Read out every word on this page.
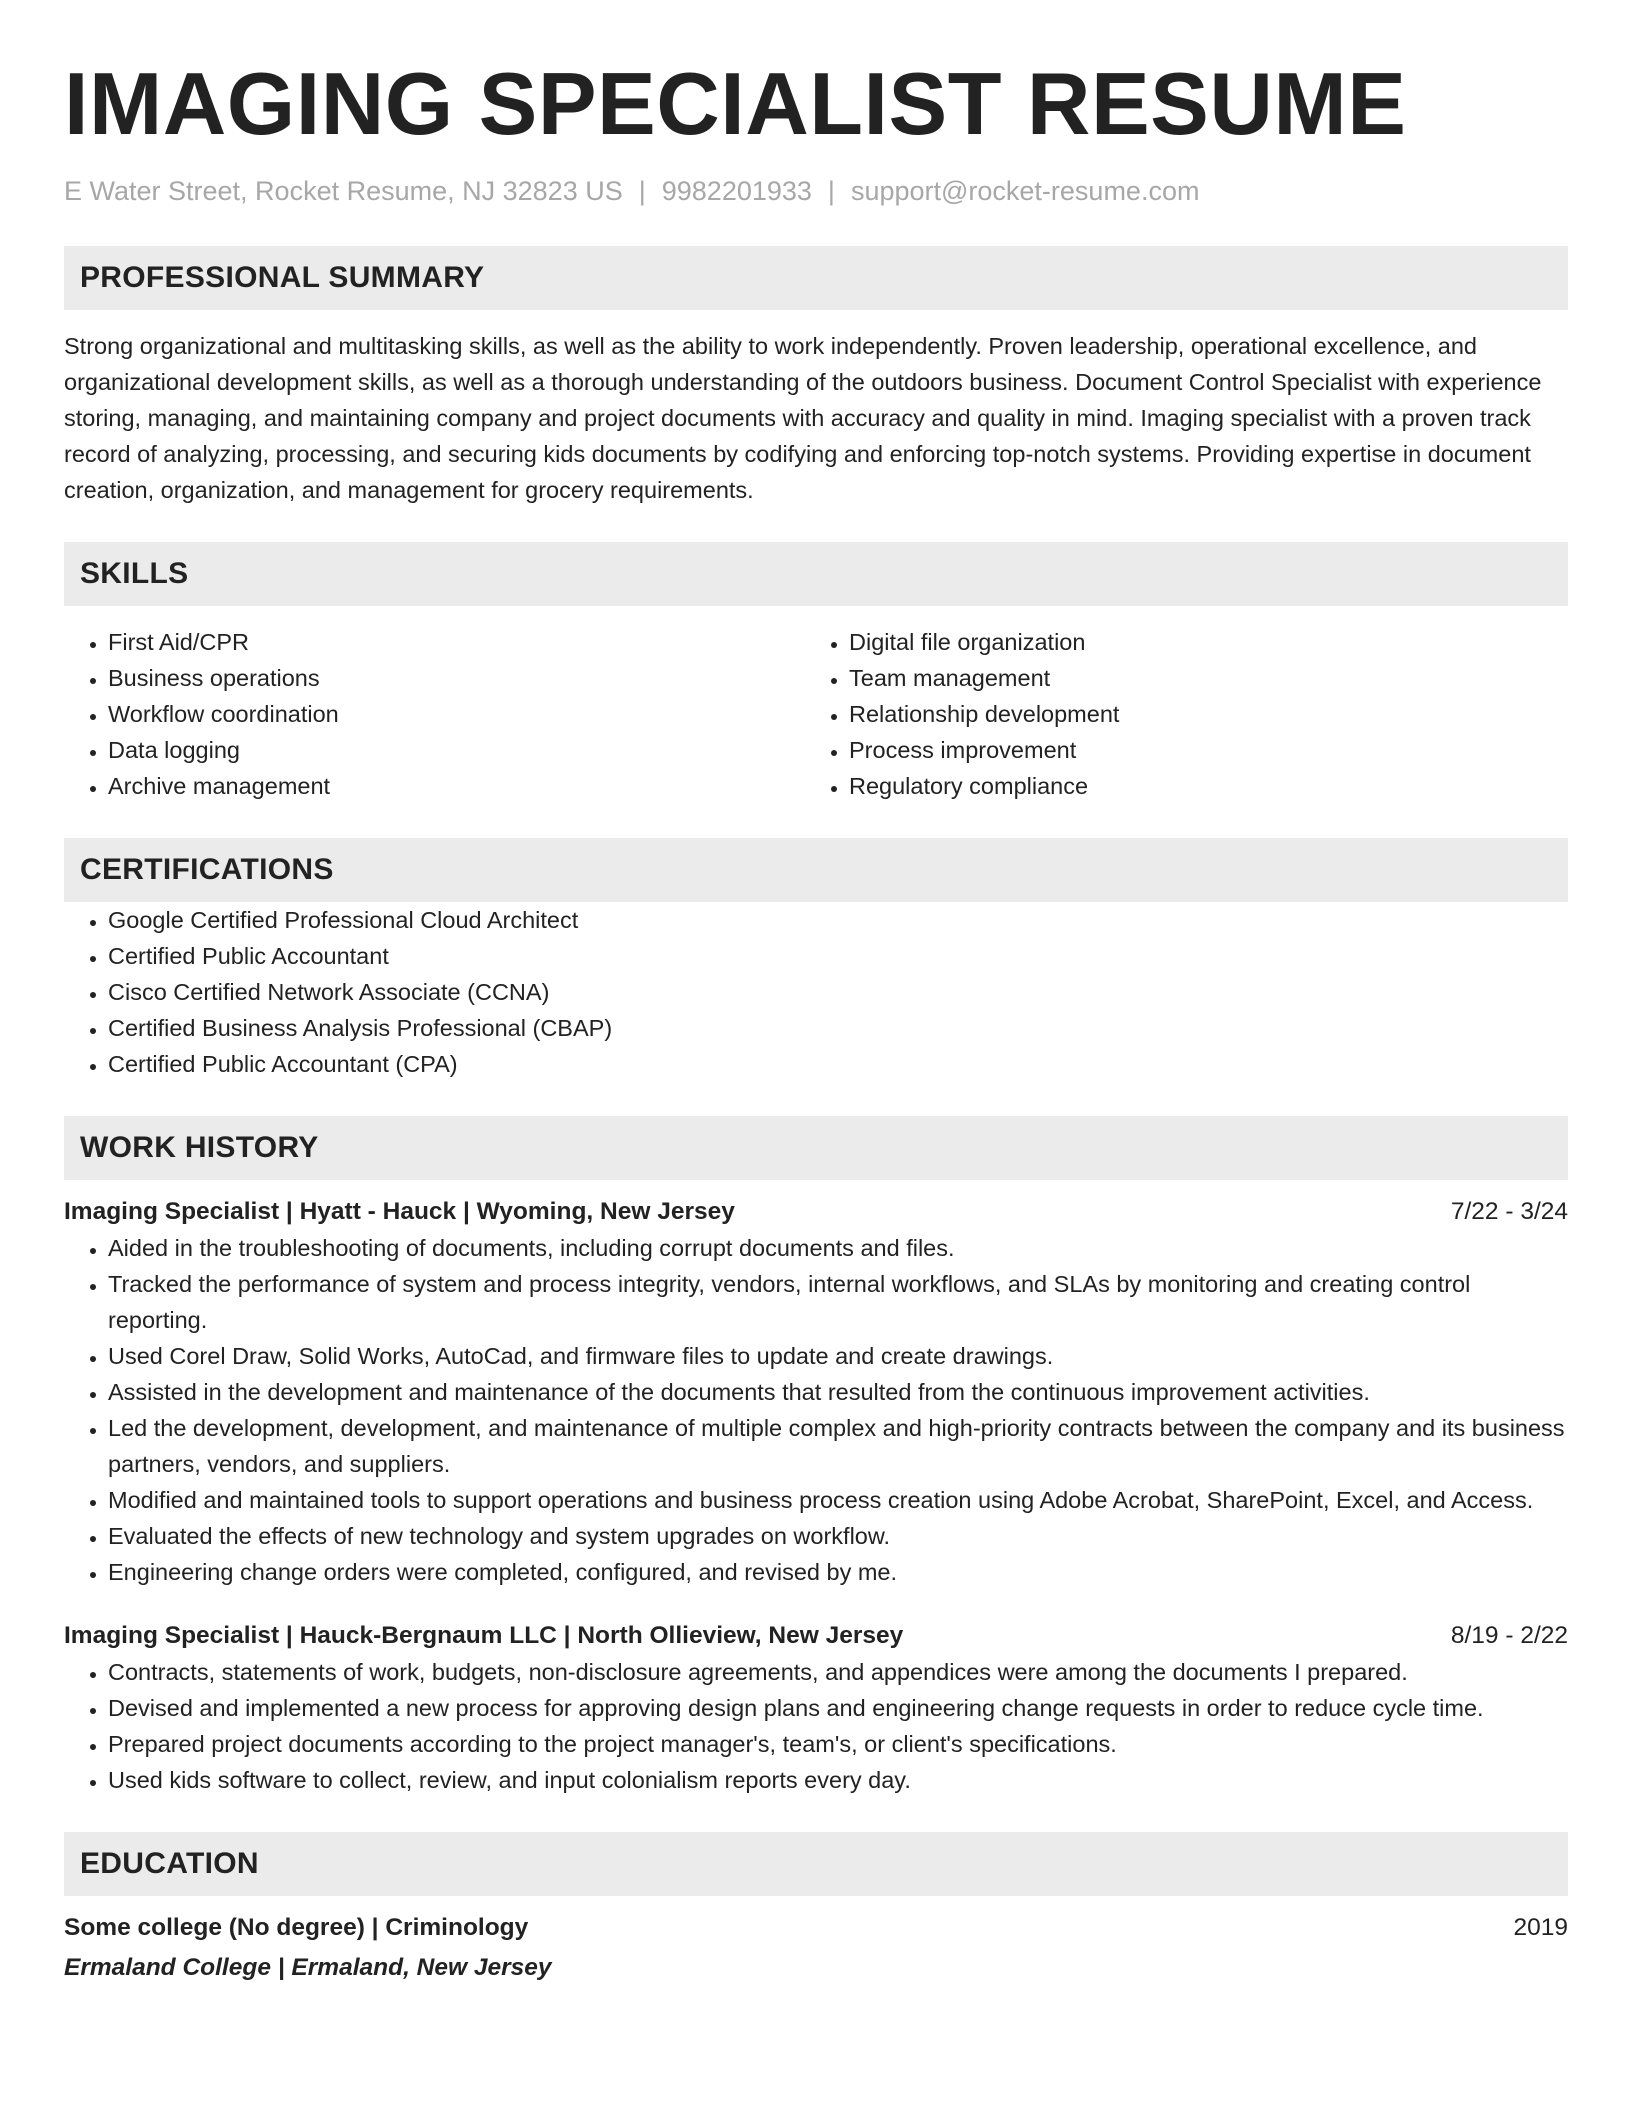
IMAGING SPECIALIST RESUME
E Water Street, Rocket Resume, NJ 32823 US | 9982201933 | support@rocket-resume.com
PROFESSIONAL SUMMARY

Strong organizational and multitasking skills, as well as the ability to work independently. Proven leadership, operational excellence, and organizational development skills, as well as a thorough understanding of the outdoors business. Document Control Specialist with experience storing, managing, and maintaining company and project documents with accuracy and quality in mind. Imaging specialist with a proven track record of analyzing, processing, and securing kids documents by codifying and enforcing top-notch systems. Providing expertise in document creation, organization, and management for grocery requirements.

SKILLS
• First Aid/CPR
• Business operations
• Workflow coordination
• Data logging
• Archive management
• Digital file organization
• Team management
• Relationship development
• Process improvement
• Regulatory compliance
CERTIFICATIONS
• Google Certified Professional Cloud Architect
• Certified Public Accountant
• Cisco Certified Network Associate (CCNA)
• Certified Business Analysis Professional (CBAP)
• Certified Public Accountant (CPA)
WORK HISTORY
Imaging Specialist | Hyatt - Hauck | Wyoming, New Jersey	7/22 - 3/24
• Aided in the troubleshooting of documents, including corrupt documents and files.
• Tracked the performance of system and process integrity, vendors, internal workflows, and SLAs by monitoring and creating control reporting.
• Used Corel Draw, Solid Works, AutoCad, and firmware files to update and create drawings.
• Assisted in the development and maintenance of the documents that resulted from the continuous improvement activities.
• Led the development, development, and maintenance of multiple complex and high-priority contracts between the company and its business partners, vendors, and suppliers.
• Modified and maintained tools to support operations and business process creation using Adobe Acrobat, SharePoint, Excel, and Access.
• Evaluated the effects of new technology and system upgrades on workflow.
• Engineering change orders were completed, configured, and revised by me.
Imaging Specialist | Hauck-Bergnaum LLC | North Ollieview, New Jersey	8/19 - 2/22
• Contracts, statements of work, budgets, non-disclosure agreements, and appendices were among the documents I prepared.
• Devised and implemented a new process for approving design plans and engineering change requests in order to reduce cycle time.
• Prepared project documents according to the project manager's, team's, or client's specifications.
• Used kids software to collect, review, and input colonialism reports every day.
EDUCATION
Some college (No degree) | Criminology	2019
Ermaland College | Ermaland, New Jersey
